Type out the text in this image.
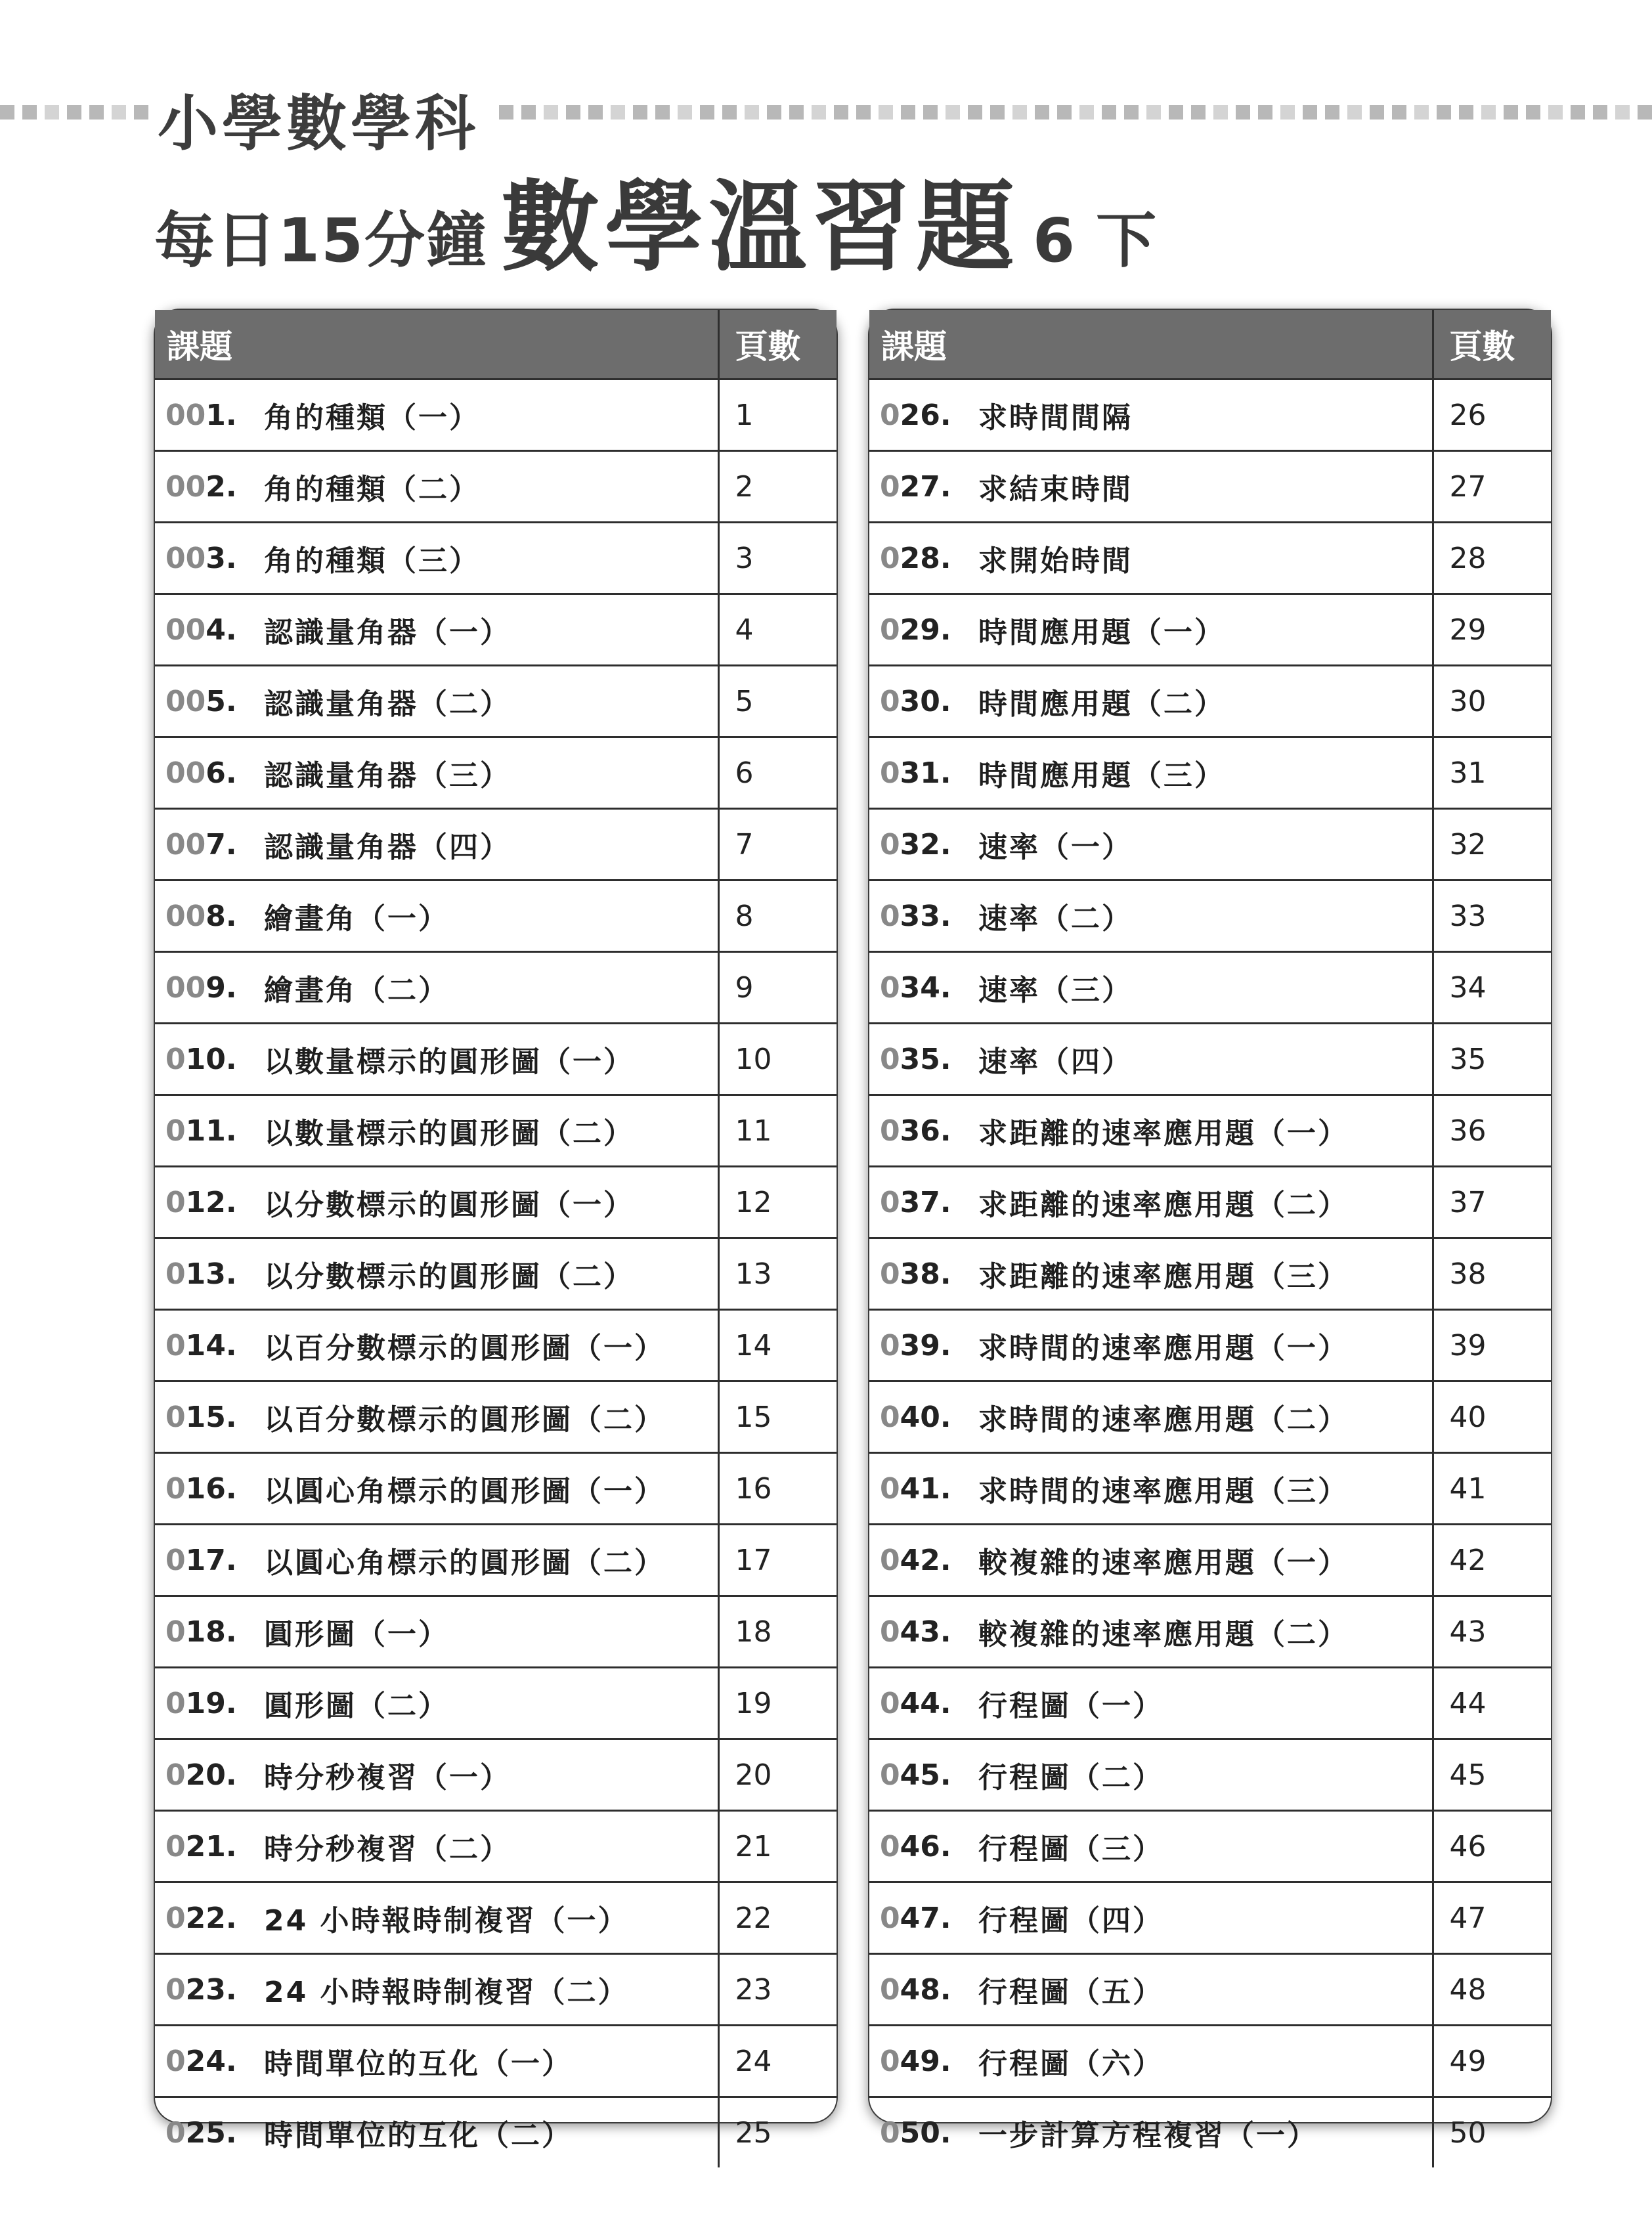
小學數學科
每日15分鐘 數學溫習題 6 下
課題		頁數
001.	角的種類（一）	1
002.	角的種類（二）	2
003.	角的種類（三）	3
004.	認識量角器（一）	4
005.	認識量角器（二）	5
006.	認識量角器（三）	6
007.	認識量角器（四）	7
008.	繪畫角（一）	8
009.	繪畫角（二）	9
010.	以數量標示的圓形圖（一）	10
011.	以數量標示的圓形圖（二）	11
012.	以分數標示的圓形圖（一）	12
013.	以分數標示的圓形圖（二）	13
014.	以百分數標示的圓形圖（一）	14
015.	以百分數標示的圓形圖（二）	15
016.	以圓心角標示的圓形圖（一）	16
017.	以圓心角標示的圓形圖（二）	17
018.	圓形圖（一）	18
019.	圓形圖（二）	19
020.	時分秒複習（一）	20
021.	時分秒複習（二）	21
022.	24 小時報時制複習（一）	22
023.	24 小時報時制複習（二）	23
024.	時間單位的互化（一）	24
025.	時間單位的互化（二）	25
課題		頁數
026.	求時間間隔	26
027.	求結束時間	27
028.	求開始時間	28
029.	時間應用題（一）	29
030.	時間應用題（二）	30
031.	時間應用題（三）	31
032.	速率（一）	32
033.	速率（二）	33
034.	速率（三）	34
035.	速率（四）	35
036.	求距離的速率應用題（一）	36
037.	求距離的速率應用題（二）	37
038.	求距離的速率應用題（三）	38
039.	求時間的速率應用題（一）	39
040.	求時間的速率應用題（二）	40
041.	求時間的速率應用題（三）	41
042.	較複雜的速率應用題（一）	42
043.	較複雜的速率應用題（二）	43
044.	行程圖（一）	44
045.	行程圖（二）	45
046.	行程圖（三）	46
047.	行程圖（四）	47
048.	行程圖（五）	48
049.	行程圖（六）	49
050.	一步計算方程複習（一）	50
